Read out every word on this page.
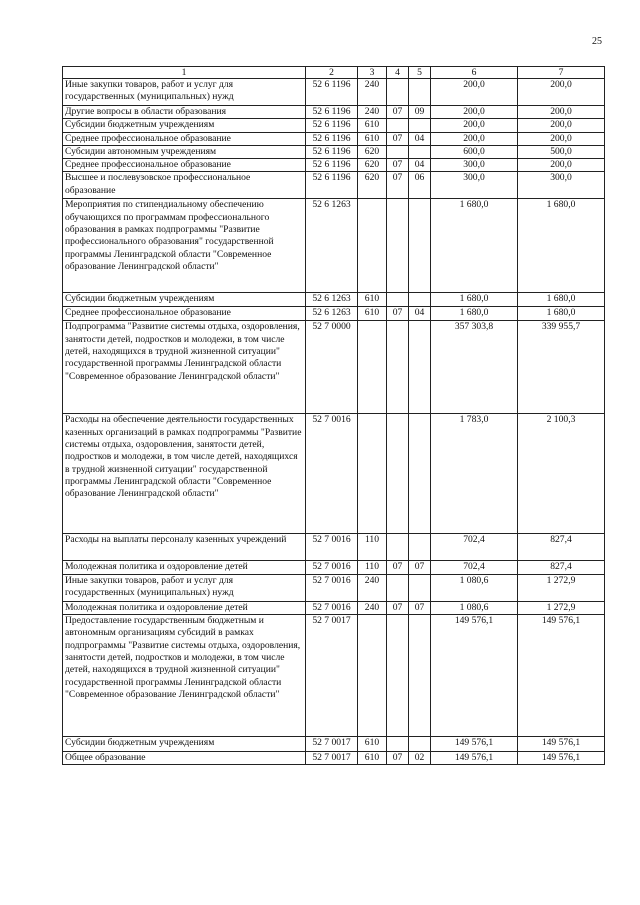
25
1	2	3	4	5	6	7
Иные закупки товаров, работ и услуг для государственных (муниципальных) нужд	52 6 1196	240			200,0	200,0
Другие вопросы в области образования	52 6 1196	240	07	09	200,0	200,0
Субсидии бюджетным учреждениям	52 6 1196	610			200,0	200,0
Среднее профессиональное образование	52 6 1196	610	07	04	200,0	200,0
Субсидии автономным учреждениям	52 6 1196	620			600,0	500,0
Среднее профессиональное образование	52 6 1196	620	07	04	300,0	200,0
Высшее и послевузовское профессиональное образование	52 6 1196	620	07	06	300,0	300,0
Мероприятия по стипендиальному обеспечению обучающихся по программам профессионального образования в рамках подпрограммы "Развитие профессионального образования" государственной программы Ленинградской области "Современное образование Ленинградской области"	52 6 1263				1 680,0	1 680,0
Субсидии бюджетным учреждениям	52 6 1263	610			1 680,0	1 680,0
Среднее профессиональное образование	52 6 1263	610	07	04	1 680,0	1 680,0
Подпрограмма "Развитие системы отдыха, оздоровления, занятости детей, подростков и молодежи, в том числе детей, находящихся в трудной жизненной ситуации" государственной программы Ленинградской области "Современное образование Ленинградской области"	52 7 0000				357 303,8	339 955,7
Расходы на обеспечение деятельности государственных казенных организаций в рамках подпрограммы "Развитие системы отдыха, оздоровления, занятости детей, подростков и молодежи, в том числе детей, находящихся в трудной жизненной ситуации" государственной программы Ленинградской области "Современное образование Ленинградской области"	52 7 0016				1 783,0	2 100,3
Расходы на выплаты персоналу казенных учреждений	52 7 0016	110			702,4	827,4
Молодежная политика и оздоровление детей	52 7 0016	110	07	07	702,4	827,4
Иные закупки товаров, работ и услуг для государственных (муниципальных) нужд	52 7 0016	240			1 080,6	1 272,9
Молодежная политика и оздоровление детей	52 7 0016	240	07	07	1 080,6	1 272,9
Предоставление государственным бюджетным и автономным организациям субсидий в рамках подпрограммы "Развитие системы отдыха, оздоровления, занятости детей, подростков и молодежи, в том числе детей, находящихся в трудной жизненной ситуации" государственной программы Ленинградской области "Современное образование Ленинградской области"	52 7 0017				149 576,1	149 576,1
Субсидии бюджетным учреждениям	52 7 0017	610			149 576,1	149 576,1
Общее образование	52 7 0017	610	07	02	149 576,1	149 576,1
